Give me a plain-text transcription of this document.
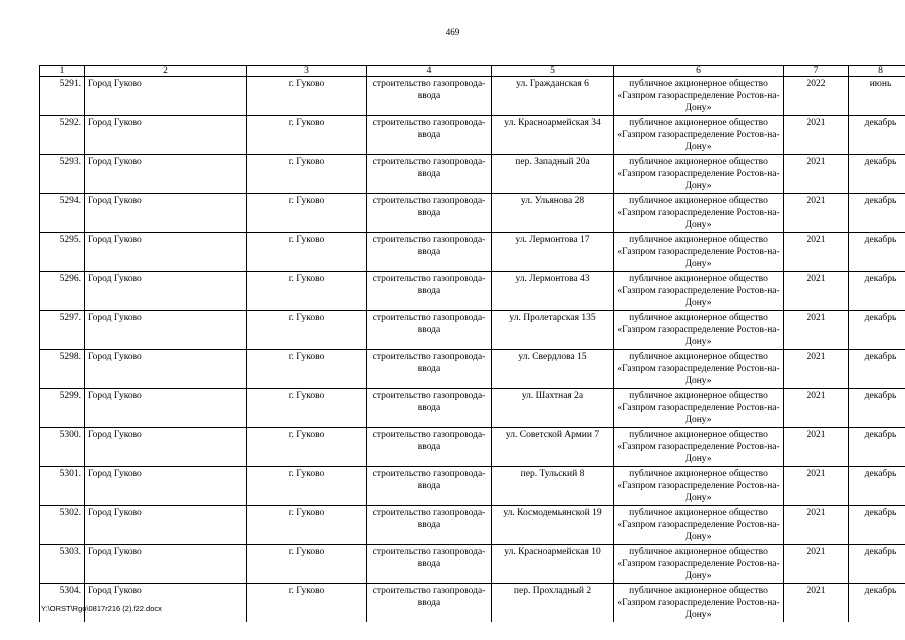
469
1	2	3	4	5	6	7	8
5291.	Город Гуково	г. Гуково	строительство газопровода-ввода	ул. Гражданская 6	публичное акционерное общество «Газпром газораспределение Ростов-на-Дону»	2022	июнь
5292.	Город Гуково	г. Гуково	строительство газопровода-ввода	ул. Красноармейская 34	публичное акционерное общество «Газпром газораспределение Ростов-на-Дону»	2021	декабрь
5293.	Город Гуково	г. Гуково	строительство газопровода-ввода	пер. Западный 20а	публичное акционерное общество «Газпром газораспределение Ростов-на-Дону»	2021	декабрь
5294.	Город Гуково	г. Гуково	строительство газопровода-ввода	ул. Ульянова 28	публичное акционерное общество «Газпром газораспределение Ростов-на-Дону»	2021	декабрь
5295.	Город Гуково	г. Гуково	строительство газопровода-ввода	ул. Лермонтова 17	публичное акционерное общество «Газпром газораспределение Ростов-на-Дону»	2021	декабрь
5296.	Город Гуково	г. Гуково	строительство газопровода-ввода	ул. Лермонтова 43	публичное акционерное общество «Газпром газораспределение Ростов-на-Дону»	2021	декабрь
5297.	Город Гуково	г. Гуково	строительство газопровода-ввода	ул. Пролетарская 135	публичное акционерное общество «Газпром газораспределение Ростов-на-Дону»	2021	декабрь
5298.	Город Гуково	г. Гуково	строительство газопровода-ввода	ул. Свердлова 15	публичное акционерное общество «Газпром газораспределение Ростов-на-Дону»	2021	декабрь
5299.	Город Гуково	г. Гуково	строительство газопровода-ввода	ул. Шахтная 2а	публичное акционерное общество «Газпром газораспределение Ростов-на-Дону»	2021	декабрь
5300.	Город Гуково	г. Гуково	строительство газопровода-ввода	ул. Советской Армии 7	публичное акционерное общество «Газпром газораспределение Ростов-на-Дону»	2021	декабрь
5301.	Город Гуково	г. Гуково	строительство газопровода-ввода	пер. Тульский 8	публичное акционерное общество «Газпром газораспределение Ростов-на-Дону»	2021	декабрь
5302.	Город Гуково	г. Гуково	строительство газопровода-ввода	ул. Космодемьянской 19	публичное акционерное общество «Газпром газораспределение Ростов-на-Дону»	2021	декабрь
5303.	Город Гуково	г. Гуково	строительство газопровода-ввода	ул. Красноармейская 10	публичное акционерное общество «Газпром газораспределение Ростов-на-Дону»	2021	декабрь
5304.	Город Гуково	г. Гуково	строительство газопровода-ввода	пер. Прохладный 2	публичное акционерное общество «Газпром газораспределение Ростов-на-Дону»	2021	декабрь
Y:\ORST\Rgo\0817r216 (2).f22.docx
